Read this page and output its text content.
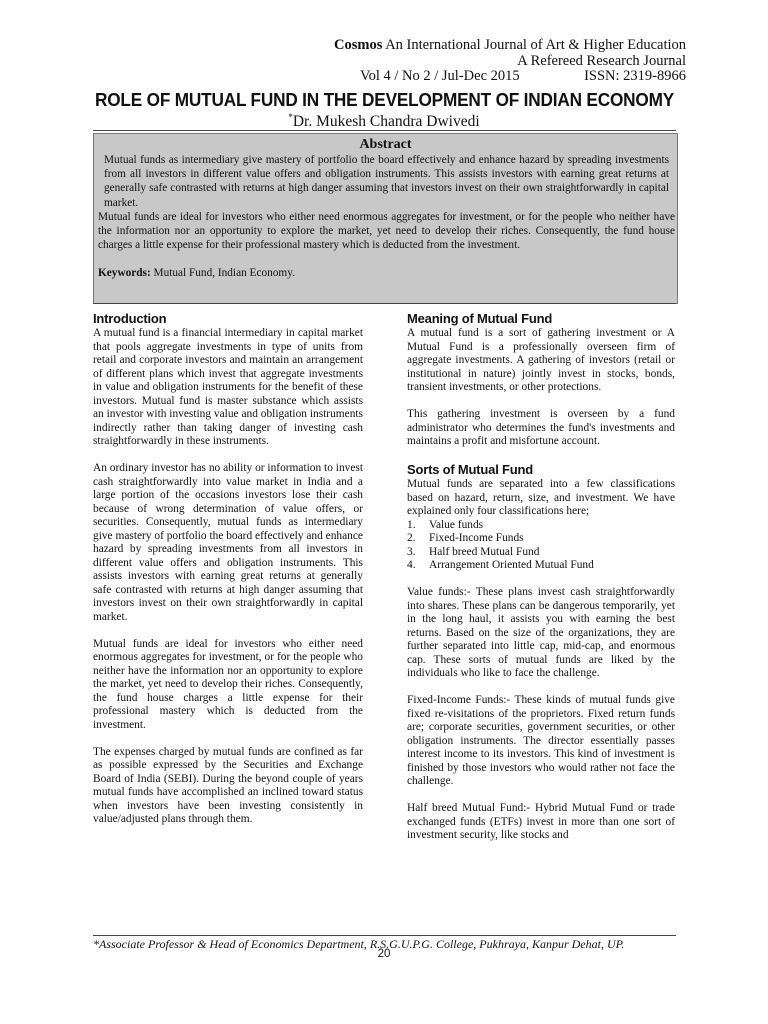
Cosmos An International Journal of Art & Higher Education
A Refereed Research Journal
Vol 4 / No 2 / Jul-Dec 2015	ISSN: 2319-8966
ROLE OF MUTUAL FUND IN THE DEVELOPMENT OF INDIAN ECONOMY
*Dr. Mukesh Chandra Dwivedi

Abstract

Mutual funds as intermediary give mastery of portfolio the board effectively and enhance hazard by spreading investments from all investors in different value offers and obligation instruments. This assists investors with earning great returns at generally safe contrasted with returns at high danger assuming that investors invest on their own straightforwardly in capital market.

Mutual funds are ideal for investors who either need enormous aggregates for investment, or for the people who neither have the information nor an opportunity to explore the market, yet need to develop their riches. Consequently, the fund house charges a little expense for their professional mastery which is deducted from the investment.

Keywords: Mutual Fund, Indian Economy.

Introduction

A mutual fund is a financial intermediary in capital market that pools aggregate investments in type of units from retail and corporate investors and maintain an arrangement of different plans which invest that aggregate investments in value and obligation instruments for the benefit of these investors. Mutual fund is master substance which assists an investor with investing value and obligation instruments indirectly rather than taking danger of investing cash straightforwardly in these instruments.

An ordinary investor has no ability or information to invest cash straightforwardly into value market in India and a large portion of the occasions investors lose their cash because of wrong determination of value offers, or securities. Consequently, mutual funds as intermediary give mastery of portfolio the board effectively and enhance hazard by spreading investments from all investors in different value offers and obligation instruments. This assists investors with earning great returns at generally safe contrasted with returns at high danger assuming that investors invest on their own straightforwardly in capital market.

Mutual funds are ideal for investors who either need enormous aggregates for investment, or for the people who neither have the information nor an opportunity to explore the market, yet need to develop their riches. Consequently, the fund house charges a little expense for their professional mastery which is deducted from the investment.

The expenses charged by mutual funds are confined as far as possible expressed by the Securities and Exchange Board of India (SEBI). During the beyond couple of years mutual funds have accomplished an inclined toward status when investors have been investing consistently in value/adjusted plans through them.

Meaning of Mutual Fund

A mutual fund is a sort of gathering investment or A Mutual Fund is a professionally overseen firm of aggregate investments. A gathering of investors (retail or institutional in nature) jointly invest in stocks, bonds, transient investments, or other protections.

This gathering investment is overseen by a fund administrator who determines the fund's investments and maintains a profit and misfortune account.

Sorts of Mutual Fund

Mutual funds are separated into a few classifications based on hazard, return, size, and investment. We have explained only four classifications here;

1. Value funds
2. Fixed-Income Funds
3. Half breed Mutual Fund
4. Arrangement Oriented Mutual Fund

Value funds:- These plans invest cash straightforwardly into shares. These plans can be dangerous temporarily, yet in the long haul, it assists you with earning the best returns. Based on the size of the organizations, they are further separated into little cap, mid-cap, and enormous cap. These sorts of mutual funds are liked by the individuals who like to face the challenge.

Fixed-Income Funds:- These kinds of mutual funds give fixed re-visitations of the proprietors. Fixed return funds are; corporate securities, government securities, or other obligation instruments. The director essentially passes interest income to its investors. This kind of investment is finished by those investors who would rather not face the challenge.

Half breed Mutual Fund:- Hybrid Mutual Fund or trade exchanged funds (ETFs) invest in more than one sort of investment security, like stocks and

*Associate Professor & Head of Economics Department, R.S.G.U.P.G. College, Pukhraya, Kanpur Dehat, UP.
20
